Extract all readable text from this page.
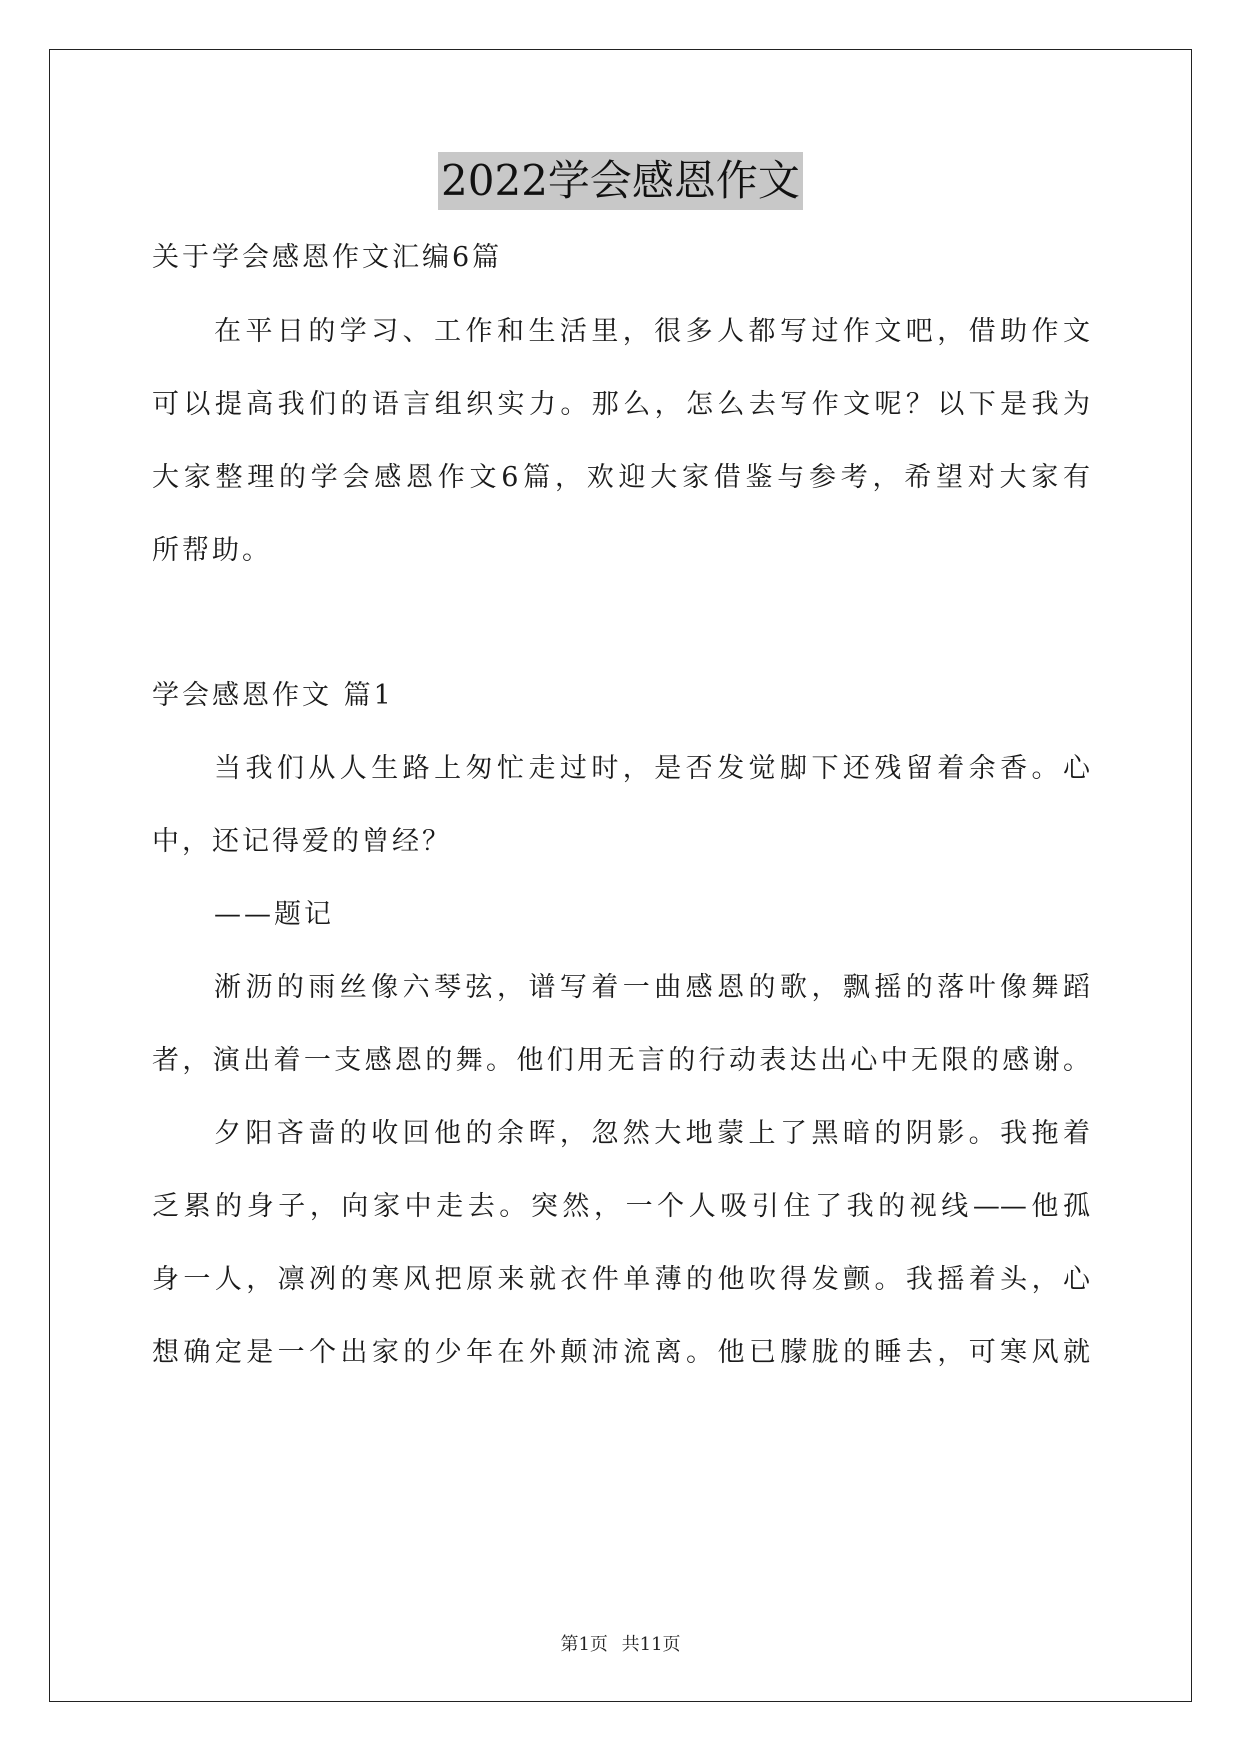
2022学会感恩作文
关于学会感恩作文汇编6篇
在平日的学习、工作和生活里，很多人都写过作文吧，借助作文
可以提高我们的语言组织实力。那么，怎么去写作文呢？以下是我为
大家整理的学会感恩作文6篇，欢迎大家借鉴与参考，希望对大家有
所帮助。
学会感恩作文 篇1
当我们从人生路上匆忙走过时，是否发觉脚下还残留着余香。心
中，还记得爱的曾经？
——题记
淅沥的雨丝像六琴弦，谱写着一曲感恩的歌，飘摇的落叶像舞蹈
者，演出着一支感恩的舞。他们用无言的行动表达出心中无限的感谢。
夕阳吝啬的收回他的余晖，忽然大地蒙上了黑暗的阴影。我拖着
乏累的身子，向家中走去。突然，一个人吸引住了我的视线——他孤
身一人，凛冽的寒风把原来就衣件单薄的他吹得发颤。我摇着头，心
想确定是一个出家的少年在外颠沛流离。他已朦胧的睡去，可寒风就
第1页 共11页
